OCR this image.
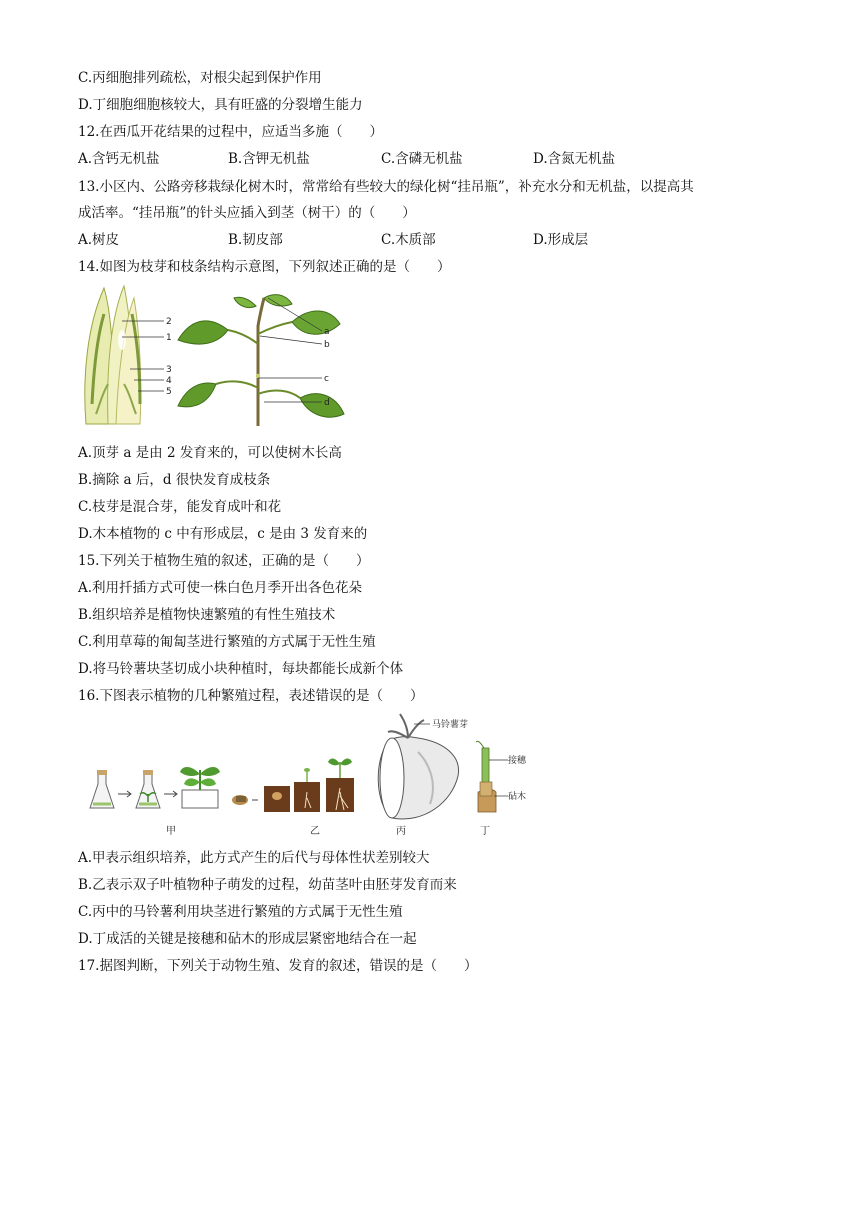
C.丙细胞排列疏松，对根尖起到保护作用
D.丁细胞细胞核较大，具有旺盛的分裂增生能力
12.在西瓜开花结果的过程中，应适当多施（　　）
A.含钙无机盐	B.含钾无机盐	C.含磷无机盐	D.含氮无机盐
13.小区内、公路旁移栽绿化树木时，常常给有些较大的绿化树“挂吊瓶”，补充水分和无机盐，以提高其
成活率。“挂吊瓶”的针头应插入到茎（树干）的（　　）
A.树皮	B.韧皮部	C.木质部	D.形成层
14.如图为枝芽和枝条结构示意图，下列叙述正确的是（　　）
2
1
3
4
5
a
b
c
d
A.顶芽 a 是由 2 发育来的，可以使树木长高
B.摘除 a 后，d 很快发育成枝条
C.枝芽是混合芽，能发育成叶和花
D.木本植物的 c 中有形成层，c 是由 3 发育来的
15.下列关于植物生殖的叙述，正确的是（　　）
A.利用扦插方式可使一株白色月季开出各色花朵
B.组织培养是植物快速繁殖的有性生殖技术
C.利用草莓的匍匐茎进行繁殖的方式属于无性生殖
D.将马铃薯块茎切成小块种植时，每块都能长成新个体
16.下图表示植物的几种繁殖过程，表述错误的是（　　）
甲	乙
马铃薯芽
丙
接穗
砧木
丁
A.甲表示组织培养，此方式产生的后代与母体性状差别较大
B.乙表示双子叶植物种子萌发的过程，幼苗茎叶由胚芽发育而来
C.丙中的马铃薯利用块茎进行繁殖的方式属于无性生殖
D.丁成活的关键是接穗和砧木的形成层紧密地结合在一起
17.据图判断，下列关于动物生殖、发育的叙述，错误的是（　　）
